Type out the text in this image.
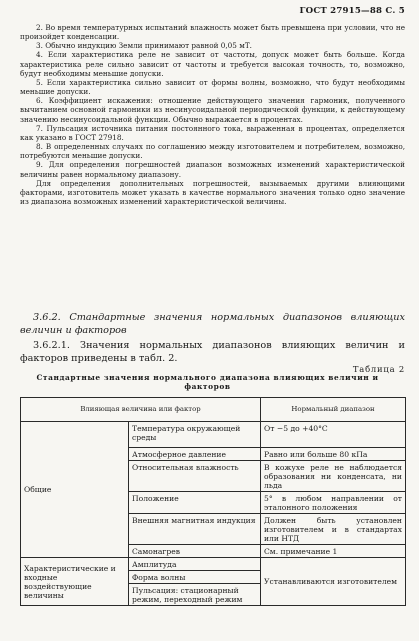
ГОСТ 27915—88 С. 5

2. Во время температурных испытаний влажность может быть превышена при условии, что не произойдет конденсации.

3. Обычно индукцию Земли принимают равной 0,05 мТ.

4. Если характеристика реле не зависит от частоты, допуск может быть больше. Когда характеристика реле сильно зависит от частоты и требуется высокая точность, то, возможно, будут необходимы меньшие допуски.

5. Если характеристика сильно зависит от формы волны, возможно, что будут необходимы меньшие допуски.

6. Коэффициент искажения: отношение действующего значения гармоник, полученного вычитанием основной гармоники из несинусоидальной периодической функции, к действующему значению несинусоидальной функции. Обычно выражается в процентах.

7. Пульсация источника питания постоянного тока, выраженная в процентах, определяется как указано в ГОСТ 27918.

8. В определенных случаях по соглашению между изготовителем и потребителем, возможно, потребуются меньшие допуски.

9. Для определения погрешностей диапазон возможных изменений характеристической величины равен нормальному диапазону.

Для определения дополнительных погрешностей, вызываемых другими влияющими факторами, изготовитель может указать в качестве нормального значения только одно значение из диапазона возможных изменений характеристической величины.

3.6.2. Стандартные значения нормальных диапазонов влияющих величин и факторов

3.6.2.1. Значения нормальных диапазонов влияющих величин и факторов приведены в табл. 2.

Таблица 2
Стандартные значения нормального диапазона влияющих величин и факторов
Влияющая величина или фактор		Нормальный диапазон
Общие	Температура окружающей среды	От −5 до +40°С
	Атмосферное давление	Равно или больше 80 кПа
	Относительная влажность	В кожухе реле не наблюдается образования ни конденсата, ни льда
	Положение	5° в любом направлении от эталонного положения
	Внешняя магнитная индукция	Должен быть установлен изготовителем и в стандартах или НТД
	Самонагрев	См. примечание 1
Характеристические и входные воздействующие величины	Амплитуда	Устанавливаются изготовителем
	Форма волны	
	Пульсация: стационарный режим, переходный режим	
